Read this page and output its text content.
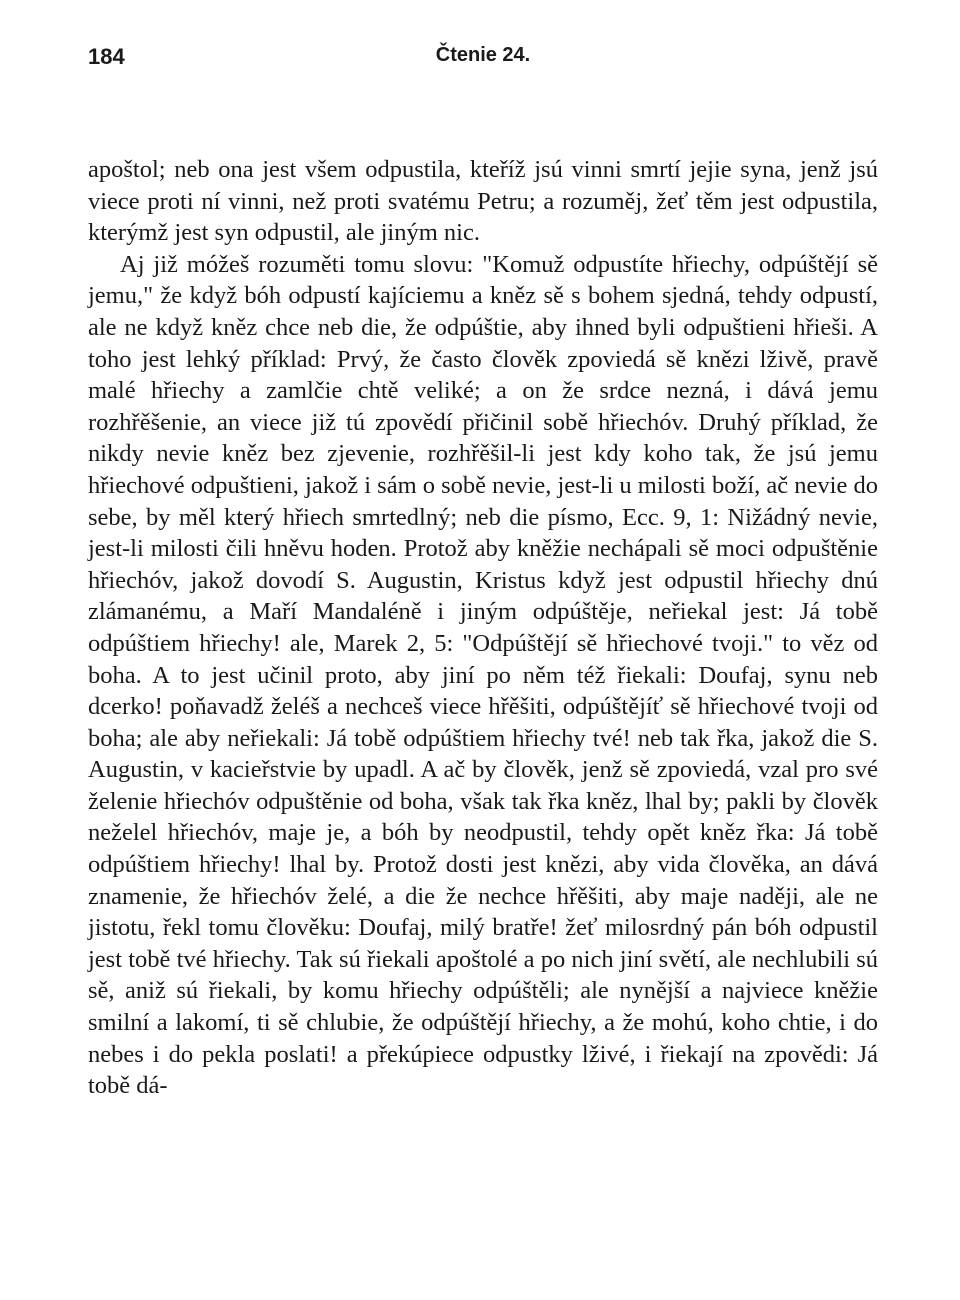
184	Čtenie 24.

apoštol; neb ona jest všem odpustila, kteříž jsú vinni smrtí jejie syna, jenž jsú viece proti ní vinni, než proti svatému Petru; a rozuměj, žeť těm jest odpustila, kterýmž jest syn odpustil, ale jiným nic.

Aj již móžeš rozuměti tomu slovu: "Komuž odpustíte hřiechy, odpúštějí sě jemu," že když bóh odpustí kajíciemu a kněz sě s bohem sjedná, tehdy odpustí, ale ne když kněz chce neb die, že odpúštie, aby ihned byli odpuštieni hřieši. A toho jest lehký příklad: Prvý, že často člověk zpoviedá sě knězi lživě, pravě malé hřiechy a zamlčie chtě veliké; a on že srdce nezná, i dává jemu rozhřěšenie, an viece již tú zpovědí přičinil sobě hřiechóv. Druhý příklad, že nikdy nevie kněz bez zjevenie, rozhřěšil-li jest kdy koho tak, že jsú jemu hřiechové odpuštieni, jakož i sám o sobě nevie, jest-li u milosti boží, ač nevie do sebe, by měl který hřiech smrtedlný; neb die písmo, Ecc. 9, 1: Nižádný nevie, jest-li milosti čili hněvu hoden. Protož aby kněžie nechápali sě moci odpuštěnie hřiechóv, jakož dovodí S. Augustin, Kristus když jest odpustil hřiechy dnú zlámanému, a Maří Mandaléně i jiným odpúštěje, neřiekal jest: Já tobě odpúštiem hřiechy! ale, Marek 2, 5: "Odpúštějí sě hřiechové tvoji." to věz od boha. A to jest učinil proto, aby jiní po něm též řiekali: Doufaj, synu neb dcerko! poňavadž želéš a nechceš viece hřěšiti, odpúštějíť sě hřiechové tvoji od boha; ale aby neřiekali: Já tobě odpúštiem hřiechy tvé! neb tak řka, jakož die S. Augustin, v kacieřstvie by upadl. A ač by člověk, jenž sě zpoviedá, vzal pro své želenie hřiechóv odpuštěnie od boha, však tak řka kněz, lhal by; pakli by člověk neželel hřiechóv, maje je, a bóh by neodpustil, tehdy opět kněz řka: Já tobě odpúštiem hřiechy! lhal by. Protož dosti jest knězi, aby vida člověka, an dává znamenie, že hřiechóv želé, a die že nechce hřěšiti, aby maje naději, ale ne jistotu, řekl tomu člověku: Doufaj, milý bratře! žeť milosrdný pán bóh odpustil jest tobě tvé hřiechy. Tak sú řiekali apoštolé a po nich jiní světí, ale nechlubili sú sě, aniž sú řiekali, by komu hřiechy odpúštěli; ale nynější a najviece kněžie smilní a lakomí, ti sě chlubie, že odpúštějí hřiechy, a že mohú, koho chtie, i do nebes i do pekla poslati! a překúpiece odpustky lživé, i řiekají na zpovědi: Já tobě dá-
